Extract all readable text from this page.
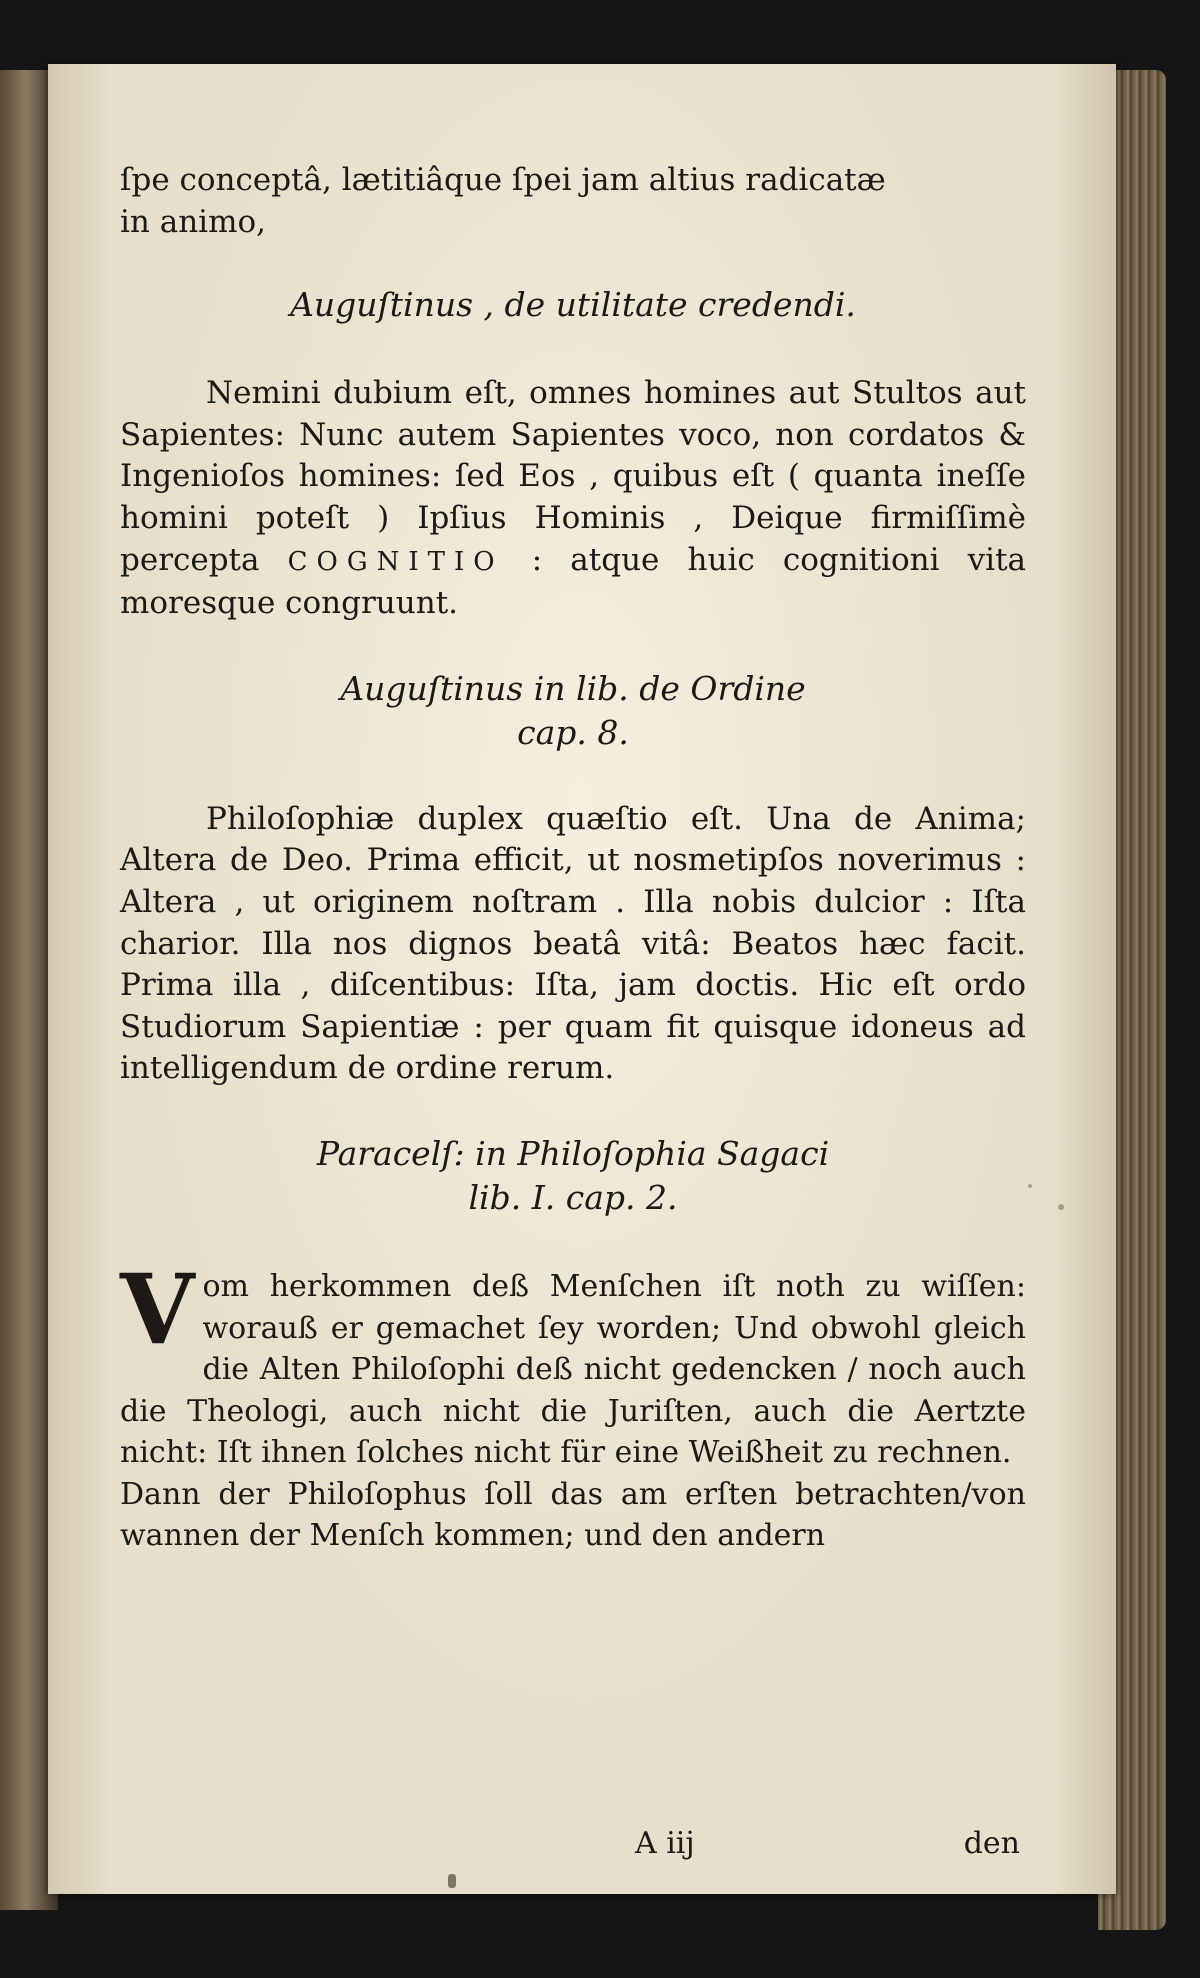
ſpe conceptâ, lætitiâque ſpei jam altius radicatæ
in animo,

Auguſtinus , de utilitate credendi.

Nemini dubium eſt, omnes homines aut Stultos aut Sapientes: Nunc autem Sapientes voco, non cordatos & Ingenioſos homines: ſed Eos , quibus eſt ( quanta ineſſe homini poteſt ) Ipſius Hominis , Deique firmiſſimè percepta COGNITIO : atque huic cognitioni vita moresque congruunt.

Auguſtinus in lib. de Ordine
cap. 8.

Philoſophiæ duplex quæſtio eſt. Una de Anima; Altera de Deo. Prima efficit, ut nosmetipſos noverimus : Altera , ut originem noſtram . Illa nobis dulcior : Iſta charior. Illa nos dignos beatâ vitâ: Beatos hæc facit. Prima illa , diſcentibus: Iſta, jam doctis. Hic eſt ordo Studiorum Sapientiæ : per quam fit quisque idoneus ad intelligendum de ordine rerum.

Paracelſ: in Philoſophia Sagaci
lib. I. cap. 2.

V om herkommen deß Menſchen iſt noth zu wiſſen: worauß er gemachet ſey worden; Und obwohl gleich die Alten Philoſophi deß nicht gedencken / noch auch die Theologi, auch nicht die Juriſten, auch die Aertzte nicht: Iſt ihnen ſolches nicht für eine Weißheit zu rechnen.

Dann der Philoſophus ſoll das am erſten betrachten/von wannen der Menſch kommen; und den andern

A iij	den
